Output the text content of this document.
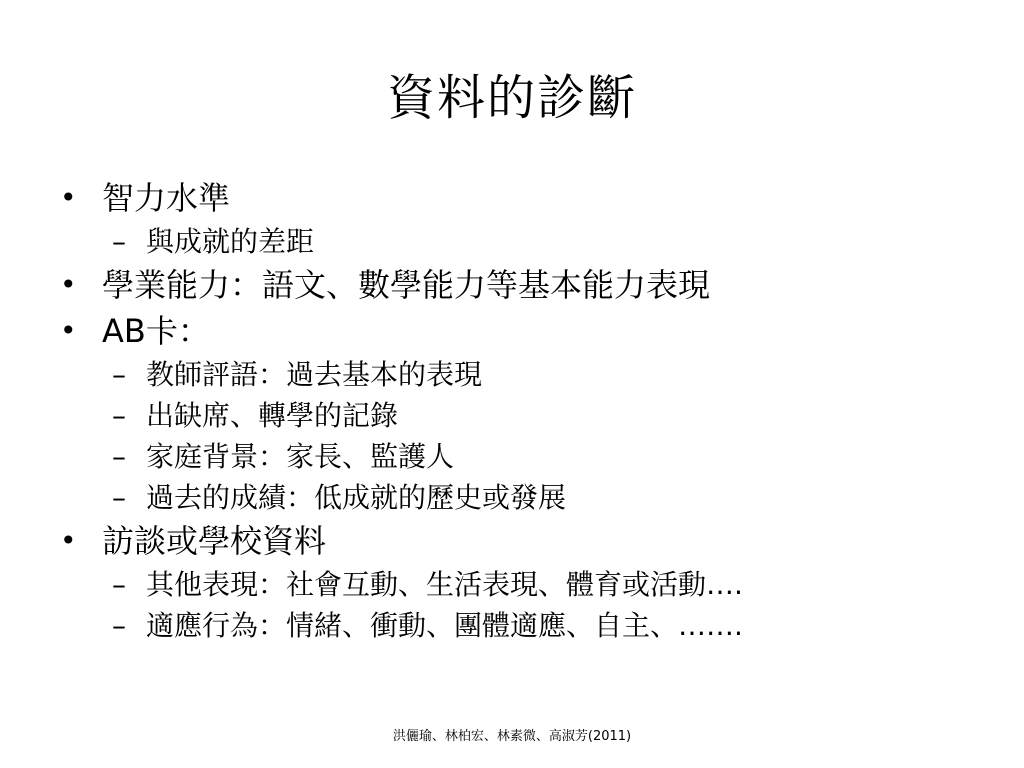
資料的診斷
• 智力水準
– 與成就的差距
• 學業能力：語文、數學能力等基本能力表現
• AB卡：
– 教師評語：過去基本的表現
– 出缺席、轉學的記錄
– 家庭背景：家長、監護人
– 過去的成績：低成就的歷史或發展
• 訪談或學校資料
– 其他表現：社會互動、生活表現、體育或活動….
– 適應行為：情緒、衝動、團體適應、自主、…….
洪儷瑜、林柏宏、林素微、高淑芳(2011)
